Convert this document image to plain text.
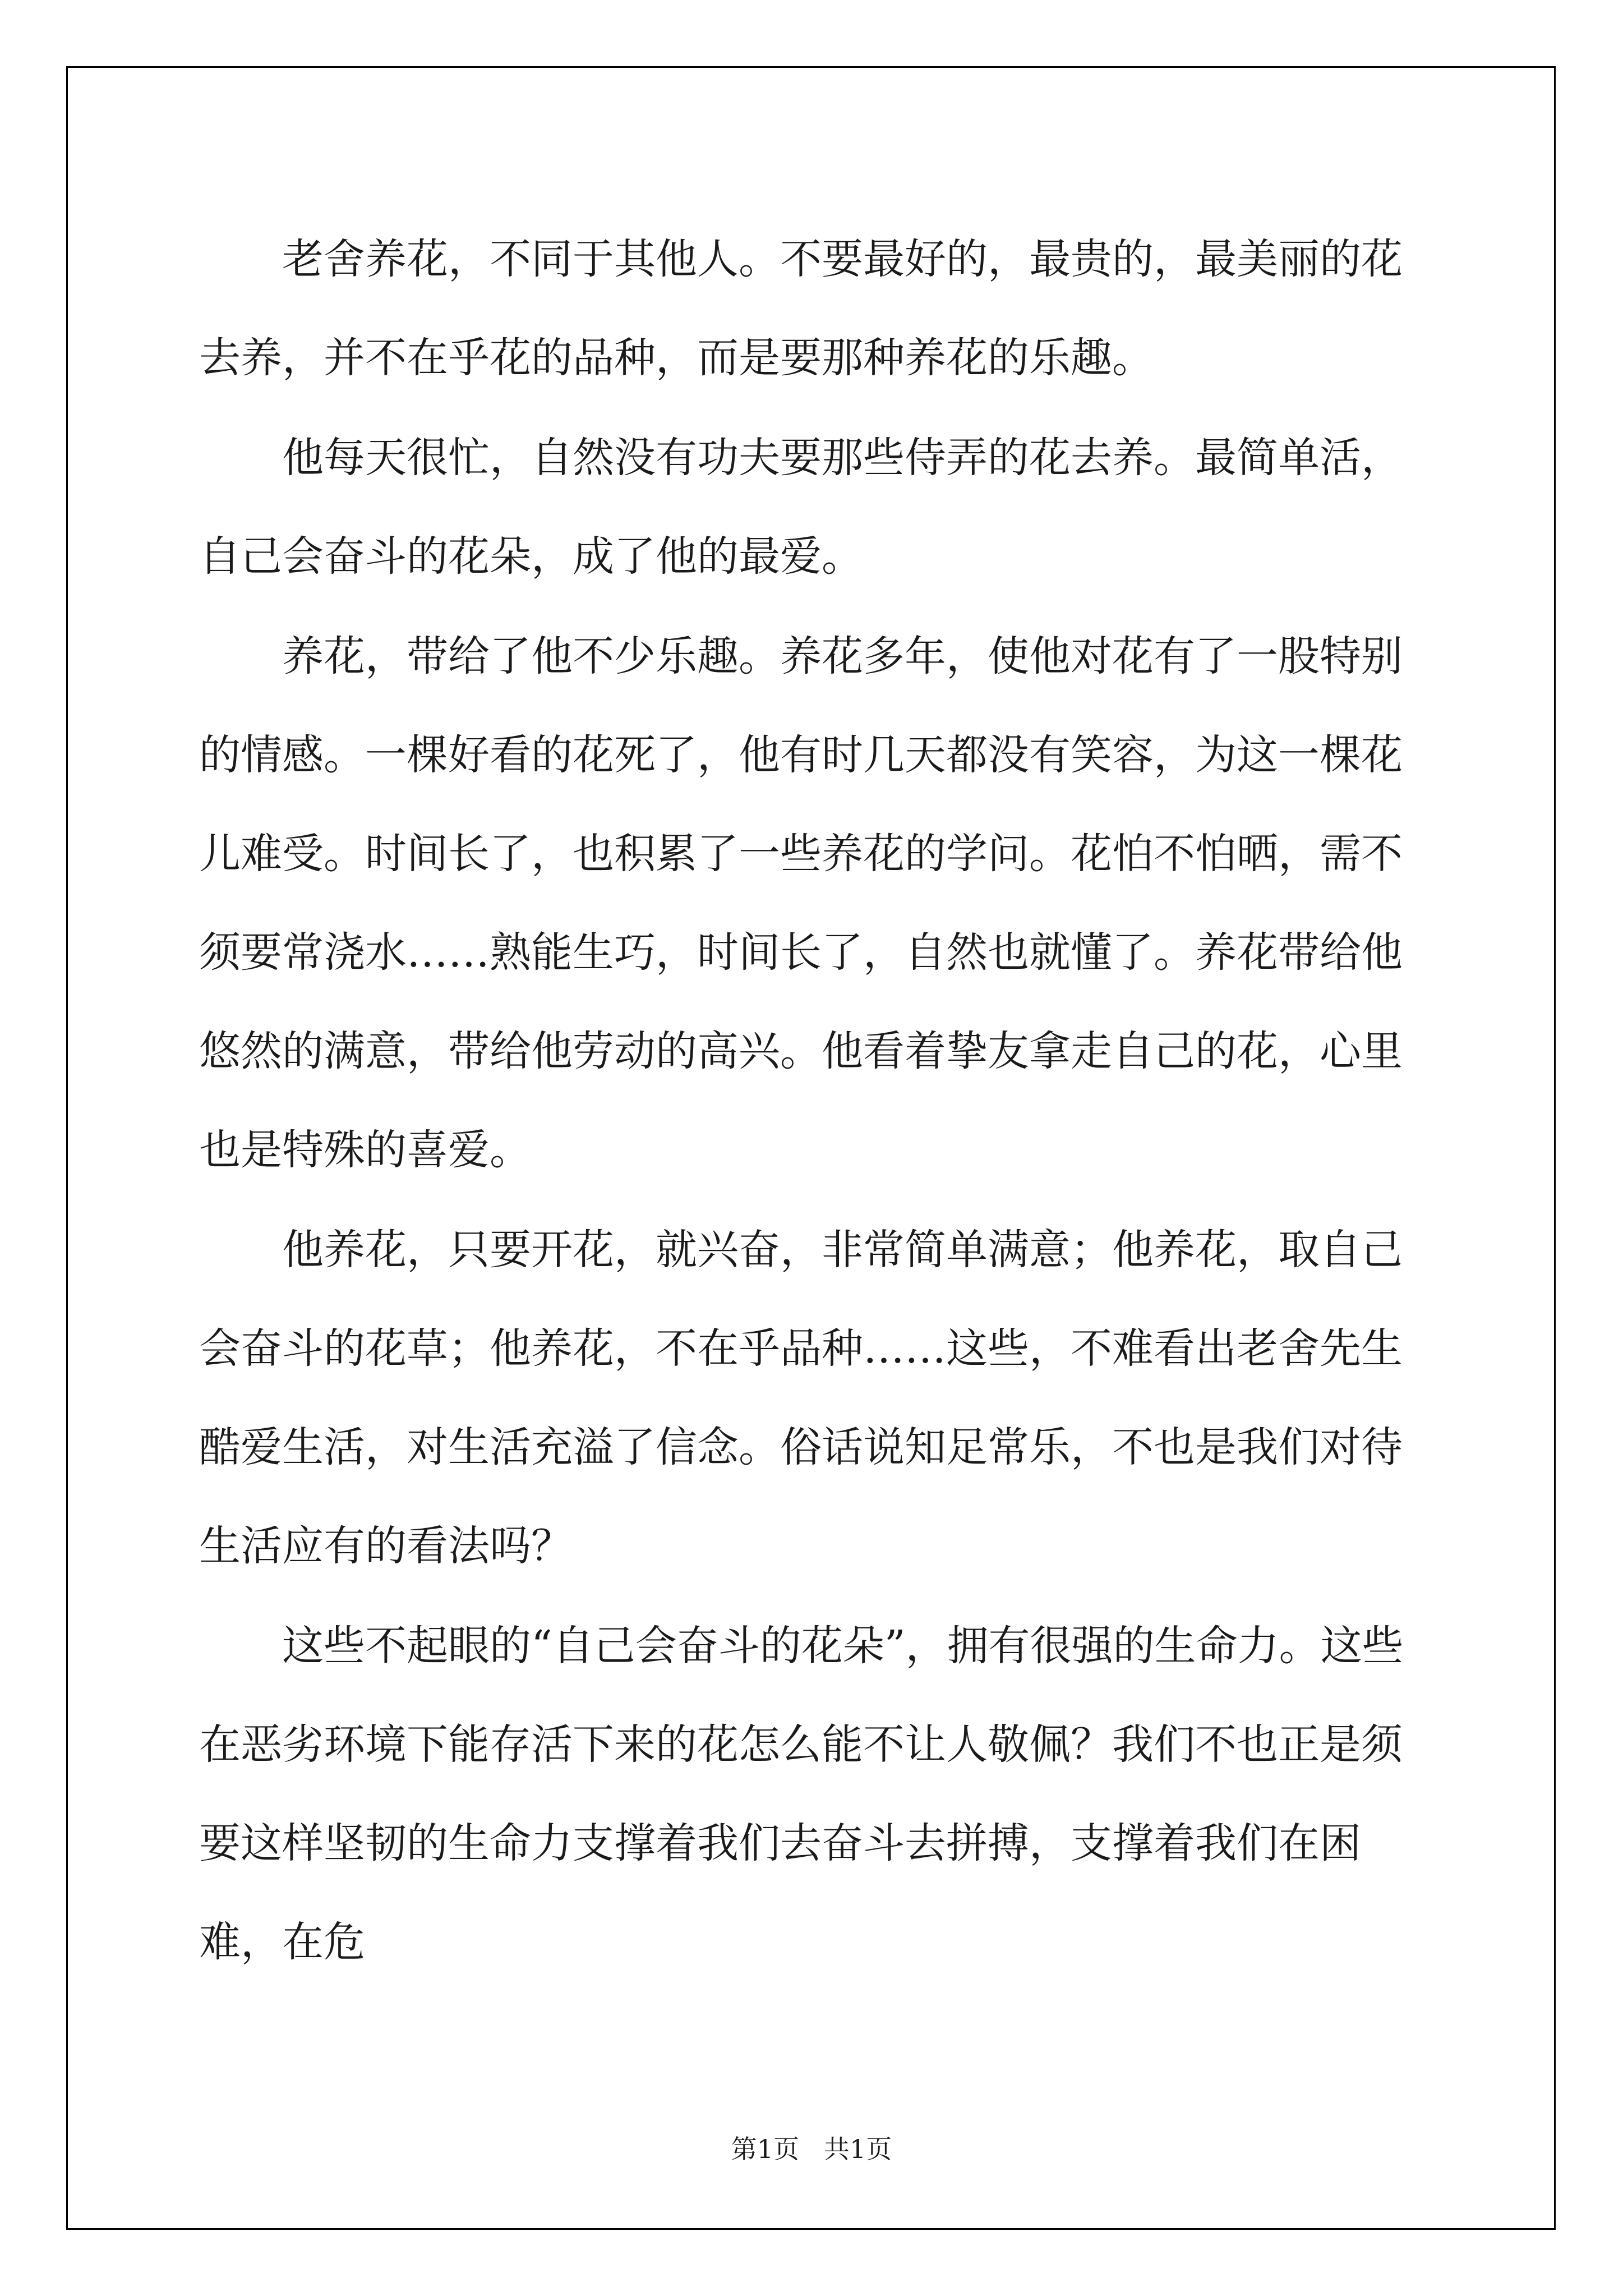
老舍养花，不同于其他人。不要最好的，最贵的，最美丽的花去养，并不在乎花的品种，而是要那种养花的乐趣。

他每天很忙，自然没有功夫要那些侍弄的花去养。最简单活，自己会奋斗的花朵，成了他的最爱。

养花，带给了他不少乐趣。养花多年，使他对花有了一股特别的情感。一棵好看的花死了，他有时几天都没有笑容，为这一棵花儿难受。时间长了，也积累了一些养花的学问。花怕不怕晒，需不须要常浇水……熟能生巧，时间长了，自然也就懂了。养花带给他悠然的满意，带给他劳动的高兴。他看着挚友拿走自己的花，心里也是特殊的喜爱。

他养花，只要开花，就兴奋，非常简单满意；他养花，取自己会奋斗的花草；他养花，不在乎品种……这些，不难看出老舍先生酷爱生活，对生活充溢了信念。俗话说知足常乐，不也是我们对待生活应有的看法吗？

这些不起眼的“自己会奋斗的花朵”，拥有很强的生命力。这些在恶劣环境下能存活下来的花怎么能不让人敬佩？我们不也正是须要这样坚韧的生命力支撑着我们去奋斗去拼搏，支撑着我们在困难，在危

第1页   共1页
